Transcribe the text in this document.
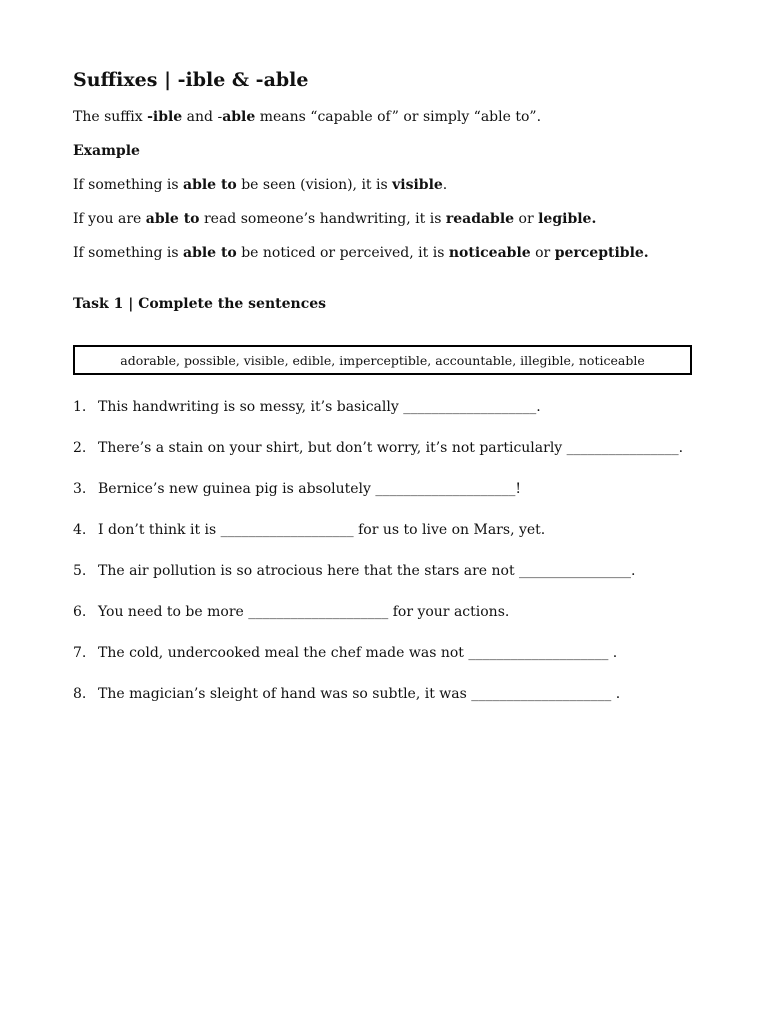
Suffixes | -ible & -able

The suffix -ible and -able means “capable of” or simply “able to”.

Example

If something is able to be seen (vision), it is visible.

If you are able to read someone’s handwriting, it is readable or legible.

If something is able to be noticed or perceived, it is noticeable or perceptible.

Task 1 | Complete the sentences

adorable, possible, visible, edible, imperceptible, accountable, illegible, noticeable
1. This handwriting is so messy, it’s basically ___________________.
2. There’s a stain on your shirt, but don’t worry, it’s not particularly ________________.
3. Bernice’s new guinea pig is absolutely ____________________!
4. I don’t think it is ___________________ for us to live on Mars, yet.
5. The air pollution is so atrocious here that the stars are not ________________.
6. You need to be more ____________________ for your actions.
7. The cold, undercooked meal the chef made was not ____________________ .
8. The magician’s sleight of hand was so subtle, it was ____________________ .
